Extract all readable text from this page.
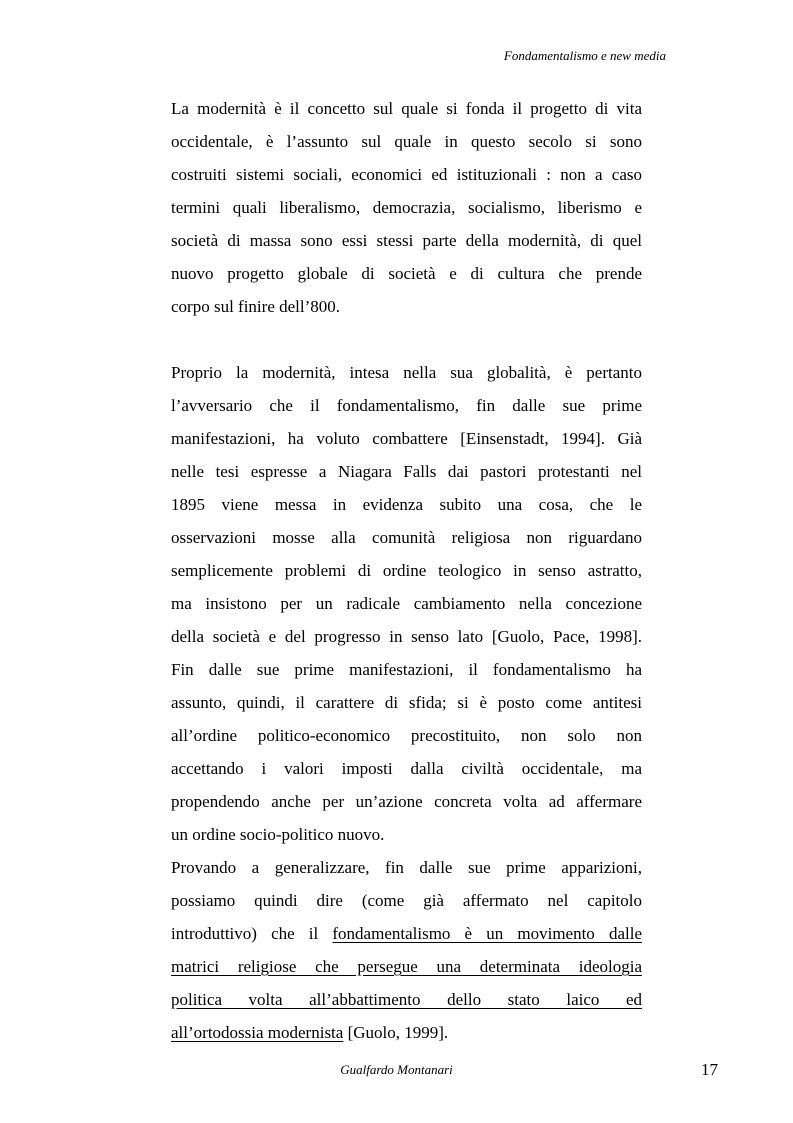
Fondamentalismo e new media
La modernità è il concetto sul quale si fonda il progetto di vita
occidentale, è l’assunto sul quale in questo secolo si sono
costruiti sistemi sociali, economici ed istituzionali : non a caso
termini quali liberalismo, democrazia, socialismo, liberismo e
società di massa sono essi stessi parte della modernità, di quel
nuovo progetto globale di società e di cultura che prende
corpo sul finire dell’800.
Proprio la modernità, intesa nella sua globalità, è pertanto
l’avversario che il fondamentalismo, fin dalle sue prime
manifestazioni, ha voluto combattere [Einsenstadt, 1994]. Già
nelle tesi espresse a Niagara Falls dai pastori protestanti nel
1895 viene messa in evidenza subito una cosa, che le
osservazioni mosse alla comunità religiosa non riguardano
semplicemente problemi di ordine teologico in senso astratto,
ma insistono per un radicale cambiamento nella concezione
della società e del progresso in senso lato [Guolo, Pace, 1998].
Fin dalle sue prime manifestazioni, il fondamentalismo ha
assunto, quindi, il carattere di sfida; si è posto come antitesi
all’ordine politico-economico precostituito, non solo non
accettando i valori imposti dalla civiltà occidentale, ma
propendendo anche per un’azione concreta volta ad affermare
un ordine socio-politico nuovo.
Provando a generalizzare, fin dalle sue prime apparizioni,
possiamo quindi dire (come già affermato nel capitolo
introduttivo) che il fondamentalismo è un movimento dalle
matrici religiose che persegue una determinata ideologia
politica volta all’abbattimento dello stato laico ed
all’ortodossia modernista [Guolo, 1999].
Gualfardo Montanari	17
